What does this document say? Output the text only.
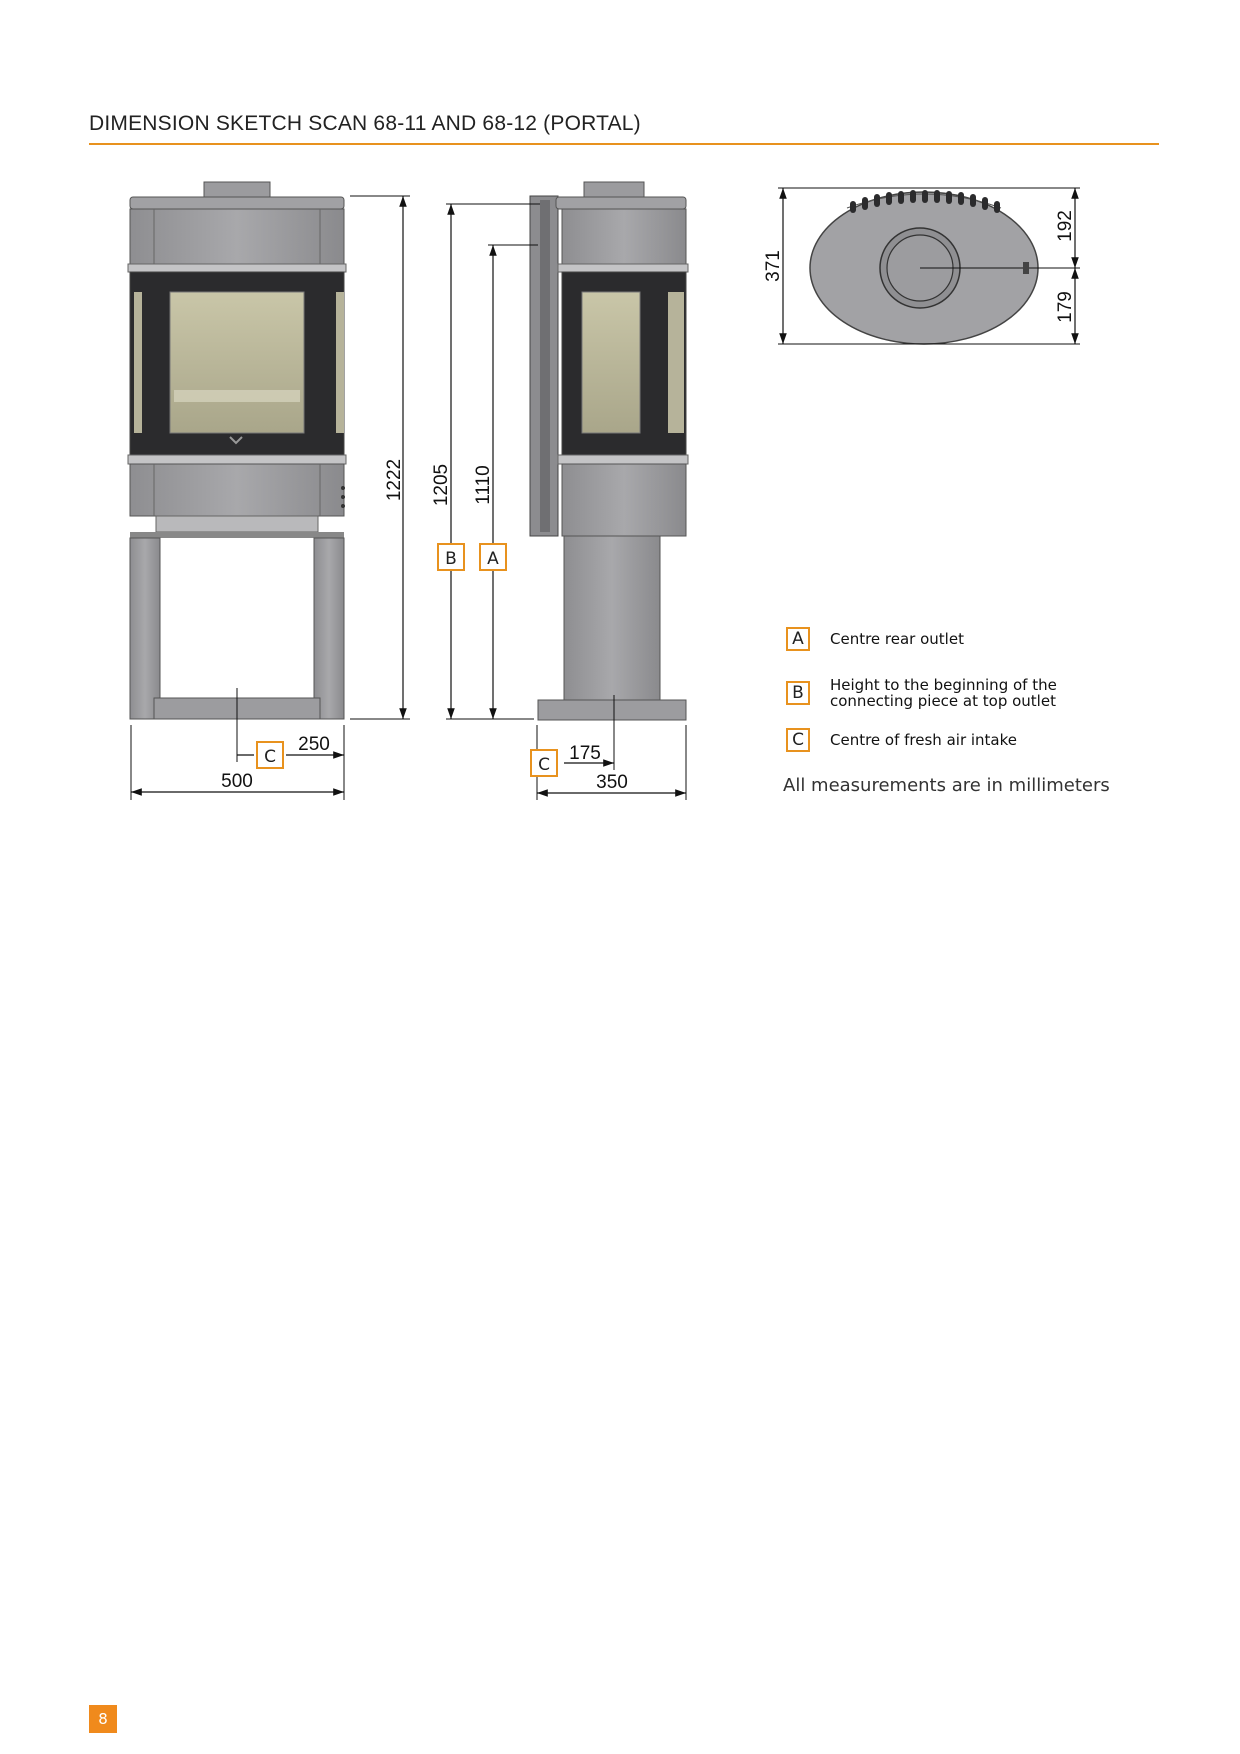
DIMENSION SKETCH SCAN 68-11 AND 68-12 (PORTAL)
1222
500
250
C
1205
B
1110
A
350
175
C
371
192
179
A	Centre rear outlet
B	Height to the beginning of the
connecting piece at top outlet
C	Centre of fresh air intake
All measurements are in millimeters
8
